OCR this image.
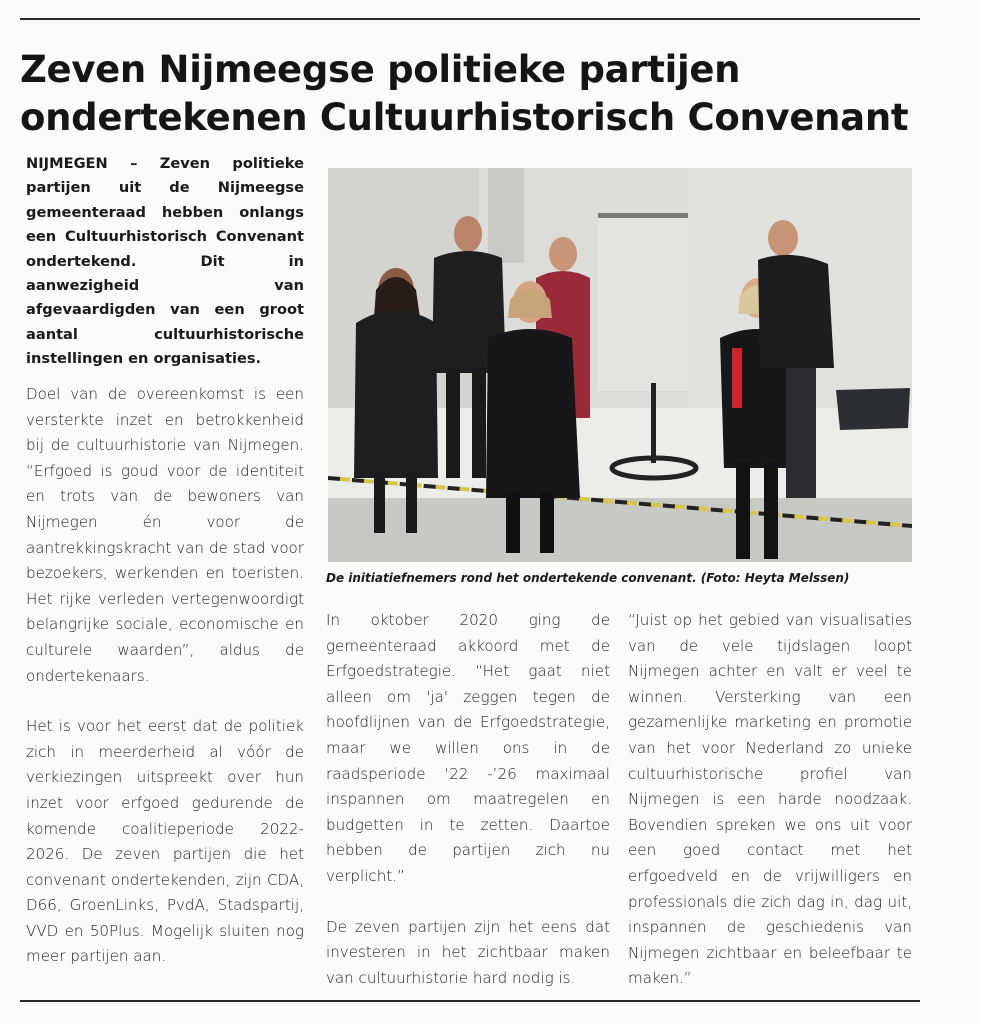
Zeven Nijmeegse politieke partijen ondertekenen Cultuurhistorisch Convenant

NIJMEGEN – Zeven politieke partijen uit de Nijmeegse gemeenteraad hebben onlangs een Cultuurhistorisch Convenant ondertekend. Dit in aanwezigheid van afgevaardigden van een groot aantal cultuurhistorische instellingen en organisaties.

Doel van de overeenkomst is een versterkte inzet en betrokkenheid bij de cultuurhistorie van Nijmegen. “Erfgoed is goud voor de identiteit en trots van de bewoners van Nijmegen én voor de aantrekkingskracht van de stad voor bezoekers, werkenden en toeristen. Het rijke verleden vertegenwoordigt belangrijke sociale, economische en culturele waarden”, aldus de ondertekenaars.

Het is voor het eerst dat de politiek zich in meerderheid al vóór de verkiezingen uitspreekt over hun inzet voor erfgoed gedurende de komende coalitieperiode 2022-2026. De zeven partijen die het convenant ondertekenden, zijn CDA, D66, GroenLinks, PvdA, Stadspartij, VVD en 50Plus. Mogelijk sluiten nog meer partijen aan.

De initiatiefnemers rond het ondertekende convenant. (Foto: Heyta Melssen)

In oktober 2020 ging de gemeenteraad akkoord met de Erfgoedstrategie. “Het gaat niet alleen om 'ja' zeggen tegen de hoofdlijnen van de Erfgoedstrategie, maar we willen ons in de raadsperiode ‘22 -’26 maximaal inspannen om maatregelen en budgetten in te zetten. Daartoe hebben de partijen zich nu verplicht.”

De zeven partijen zijn het eens dat investeren in het zichtbaar maken van cultuurhistorie hard nodig is.

“Juist op het gebied van visualisaties van de vele tijdslagen loopt Nijmegen achter en valt er veel te winnen. Versterking van een gezamenlijke marketing en promotie van het voor Nederland zo unieke cultuurhistorische profiel van Nijmegen is een harde noodzaak. Bovendien spreken we ons uit voor een goed contact met het erfgoedveld en de vrijwilligers en professionals die zich dag in, dag uit, inspannen de geschiedenis van Nijmegen zichtbaar en beleefbaar te maken.”
